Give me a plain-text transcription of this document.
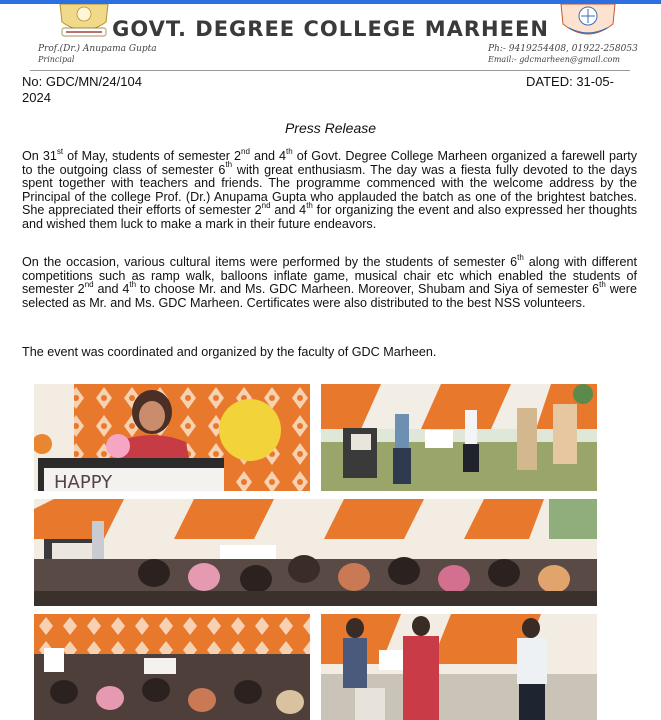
GOVT. DEGREE COLLEGE MARHEEN
Prof.(Dr.) Anupama Gupta
Principal
Ph:- 9419254408, 01922-258053
Email:- gdcmarheen@gmail.com
No: GDC/MN/24/104	DATED: 31-05-
2024
Press Release

On 31st of May, students of semester 2nd and 4th of Govt. Degree College Marheen organized a farewell party to the outgoing class of semester 6th with great enthusiasm. The day was a fiesta fully devoted to the days spent together with teachers and friends. The programme commenced with the welcome address by the Principal of the college Prof. (Dr.) Anupama Gupta who applauded the batch as one of the brightest batches. She appreciated their efforts of semester 2nd and 4th for organizing the event and also expressed her thoughts and wished them luck to make a mark in their future endeavors.

On the occasion, various cultural items were performed by the students of semester 6th along with different competitions such as ramp walk, balloons inflate game, musical chair etc which enabled the students of semester 2nd and 4th to choose Mr. and Ms. GDC Marheen. Moreover, Shubam and Siya of semester 6th were selected as Mr. and Ms. GDC Marheen. Certificates were also distributed to the best NSS volunteers.

The event was coordinated and organized by the faculty of GDC Marheen.

HAPPY
